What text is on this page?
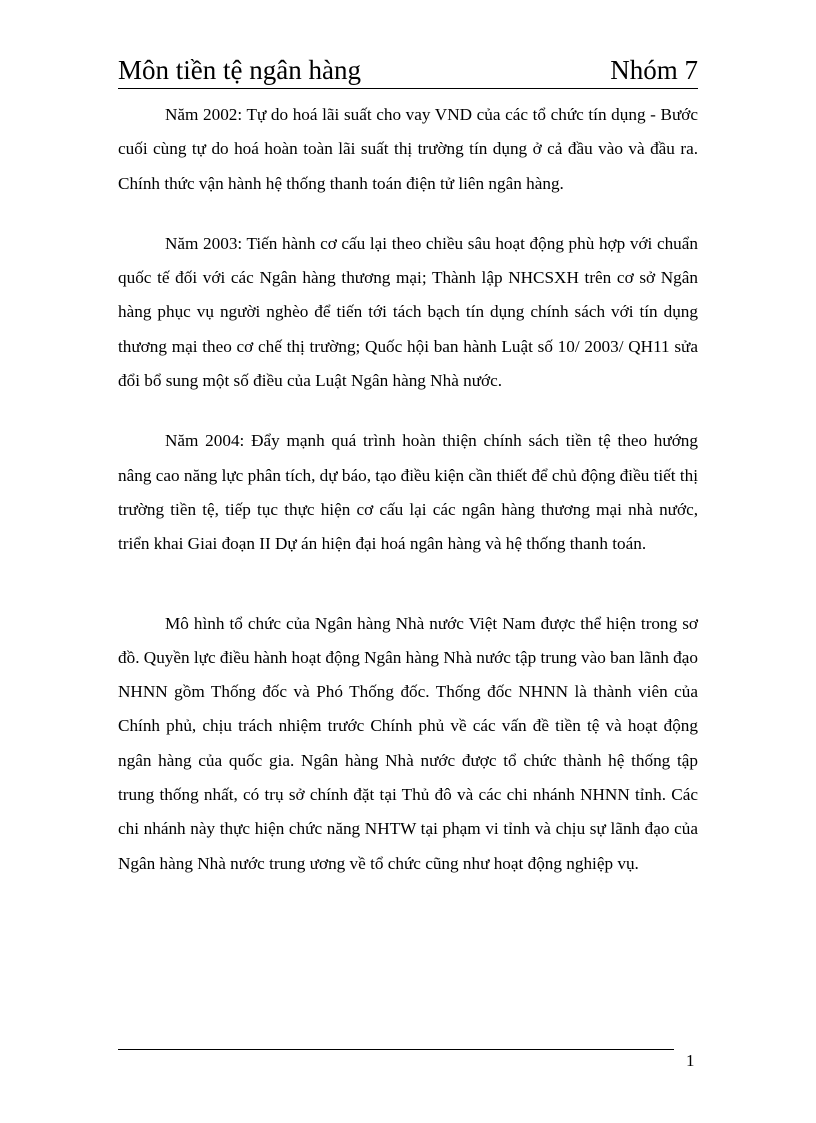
Môn tiền tệ ngân hàng	Nhóm 7

Năm 2002: Tự do hoá lãi suất cho vay VND của các tổ chức tín dụng - Bước cuối cùng tự do hoá hoàn toàn lãi suất thị trường tín dụng ở cả đầu vào và đầu ra. Chính thức vận hành hệ thống thanh toán điện tử liên ngân hàng.

Năm 2003: Tiến hành cơ cấu lại theo chiều sâu hoạt động phù hợp với chuẩn quốc tế đối với các Ngân hàng thương mại; Thành lập NHCSXH trên cơ sở Ngân hàng phục vụ người nghèo để tiến tới tách bạch tín dụng chính sách với tín dụng thương mại theo cơ chế thị trường; Quốc hội ban hành Luật số 10/ 2003/ QH11 sửa đổi bổ sung một số điều của Luật Ngân hàng Nhà nước.

Năm 2004: Đẩy mạnh quá trình hoàn thiện chính sách tiền tệ theo hướng nâng cao năng lực phân tích, dự báo, tạo điều kiện cần thiết để chủ động điều tiết thị trường tiền tệ, tiếp tục thực hiện cơ cấu lại các ngân hàng thương mại nhà nước, triển khai Giai đoạn II Dự án hiện đại hoá ngân hàng và hệ thống thanh toán.

Mô hình tổ chức của Ngân hàng Nhà nước Việt Nam được thể hiện trong sơ đồ. Quyền lực điều hành hoạt động Ngân hàng Nhà nước tập trung vào ban lãnh đạo NHNN gồm Thống đốc và Phó Thống đốc. Thống đốc NHNN là thành viên của Chính phủ, chịu trách nhiệm trước Chính phủ về các vấn đề tiền tệ và hoạt động ngân hàng của quốc gia. Ngân hàng Nhà nước được tổ chức thành hệ thống tập trung thống nhất, có trụ sở chính đặt tại Thủ đô và các chi nhánh NHNN tỉnh. Các chi nhánh này thực hiện chức năng NHTW tại phạm vi tỉnh và chịu sự lãnh đạo của Ngân hàng Nhà nước trung ương về tổ chức cũng như hoạt động nghiệp vụ.

1
